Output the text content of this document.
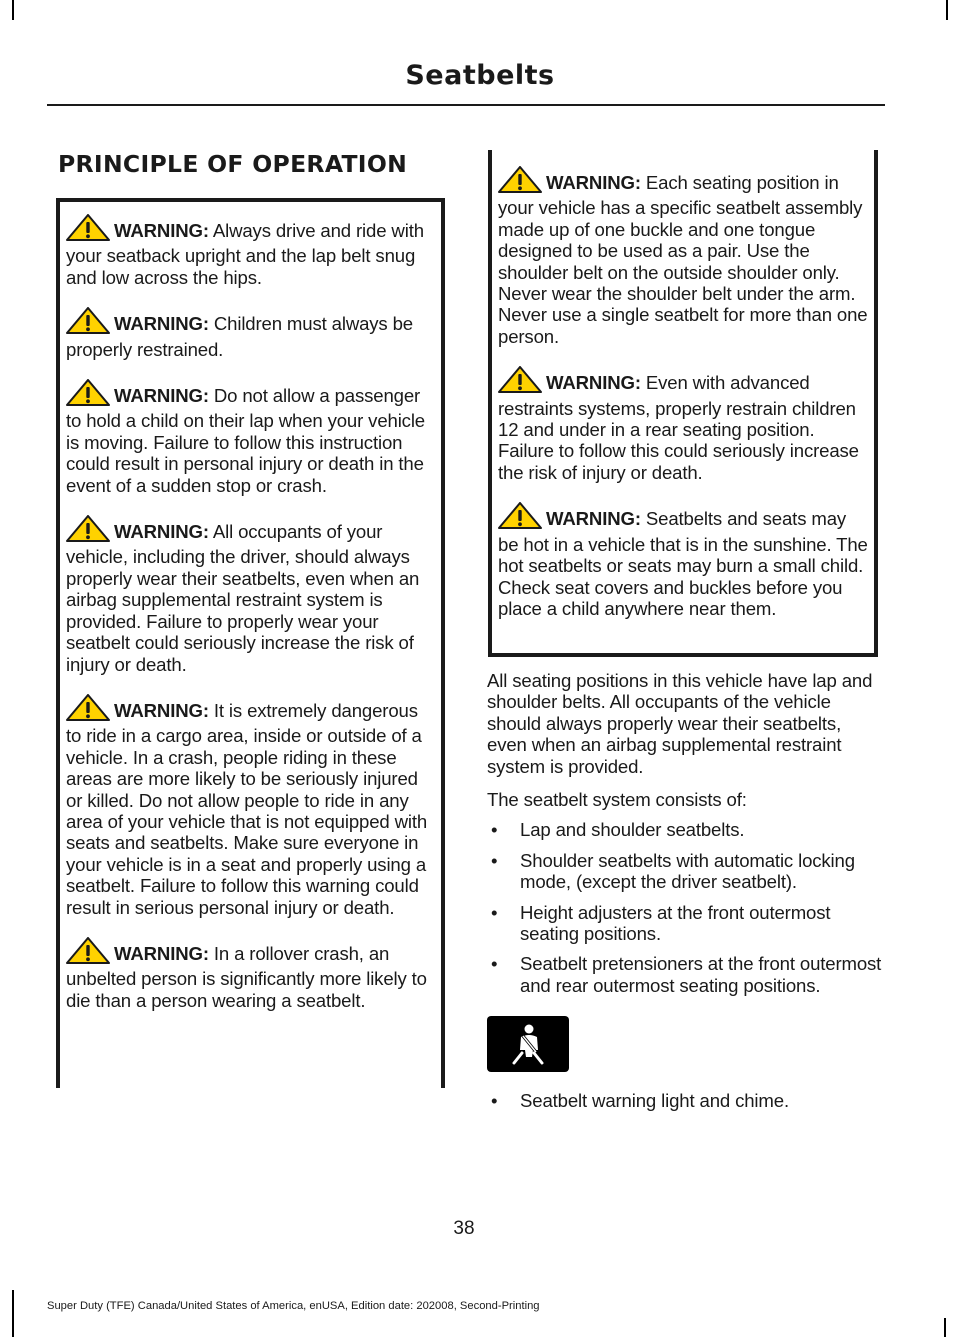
Seatbelts
PRINCIPLE OF OPERATION

WARNING: Always drive and ride with your seatback upright and the lap belt snug and low across the hips.

WARNING: Children must always be properly restrained.

WARNING: Do not allow a passenger to hold a child on their lap when your vehicle is moving. Failure to follow this instruction could result in personal injury or death in the event of a sudden stop or crash.

WARNING: All occupants of your vehicle, including the driver, should always properly wear their seatbelts, even when an airbag supplemental restraint system is provided. Failure to properly wear your seatbelt could seriously increase the risk of injury or death.

WARNING: It is extremely dangerous to ride in a cargo area, inside or outside of a vehicle. In a crash, people riding in these areas are more likely to be seriously injured or killed. Do not allow people to ride in any area of your vehicle that is not equipped with seats and seatbelts. Make sure everyone in your vehicle is in a seat and properly using a seatbelt. Failure to follow this warning could result in serious personal injury or death.

WARNING: In a rollover crash, an unbelted person is significantly more likely to die than a person wearing a seatbelt.

WARNING: Each seating position in your vehicle has a specific seatbelt assembly made up of one buckle and one tongue designed to be used as a pair. Use the shoulder belt on the outside shoulder only. Never wear the shoulder belt under the arm. Never use a single seatbelt for more than one person.

WARNING: Even with advanced restraints systems, properly restrain children 12 and under in a rear seating position. Failure to follow this could seriously increase the risk of injury or death.

WARNING: Seatbelts and seats may be hot in a vehicle that is in the sunshine. The hot seatbelts or seats may burn a small child. Check seat covers and buckles before you place a child anywhere near them.

All seating positions in this vehicle have lap and shoulder belts. All occupants of the vehicle should always properly wear their seatbelts, even when an airbag supplemental restraint system is provided.

The seatbelt system consists of:

• Lap and shoulder seatbelts.
• Shoulder seatbelts with automatic locking mode, (except the driver seatbelt).
• Height adjusters at the front outermost seating positions.
• Seatbelt pretensioners at the front outermost and rear outermost seating positions.
• Seatbelt warning light and chime.
38
Super Duty (TFE) Canada/United States of America, enUSA, Edition date: 202008, Second-Printing
